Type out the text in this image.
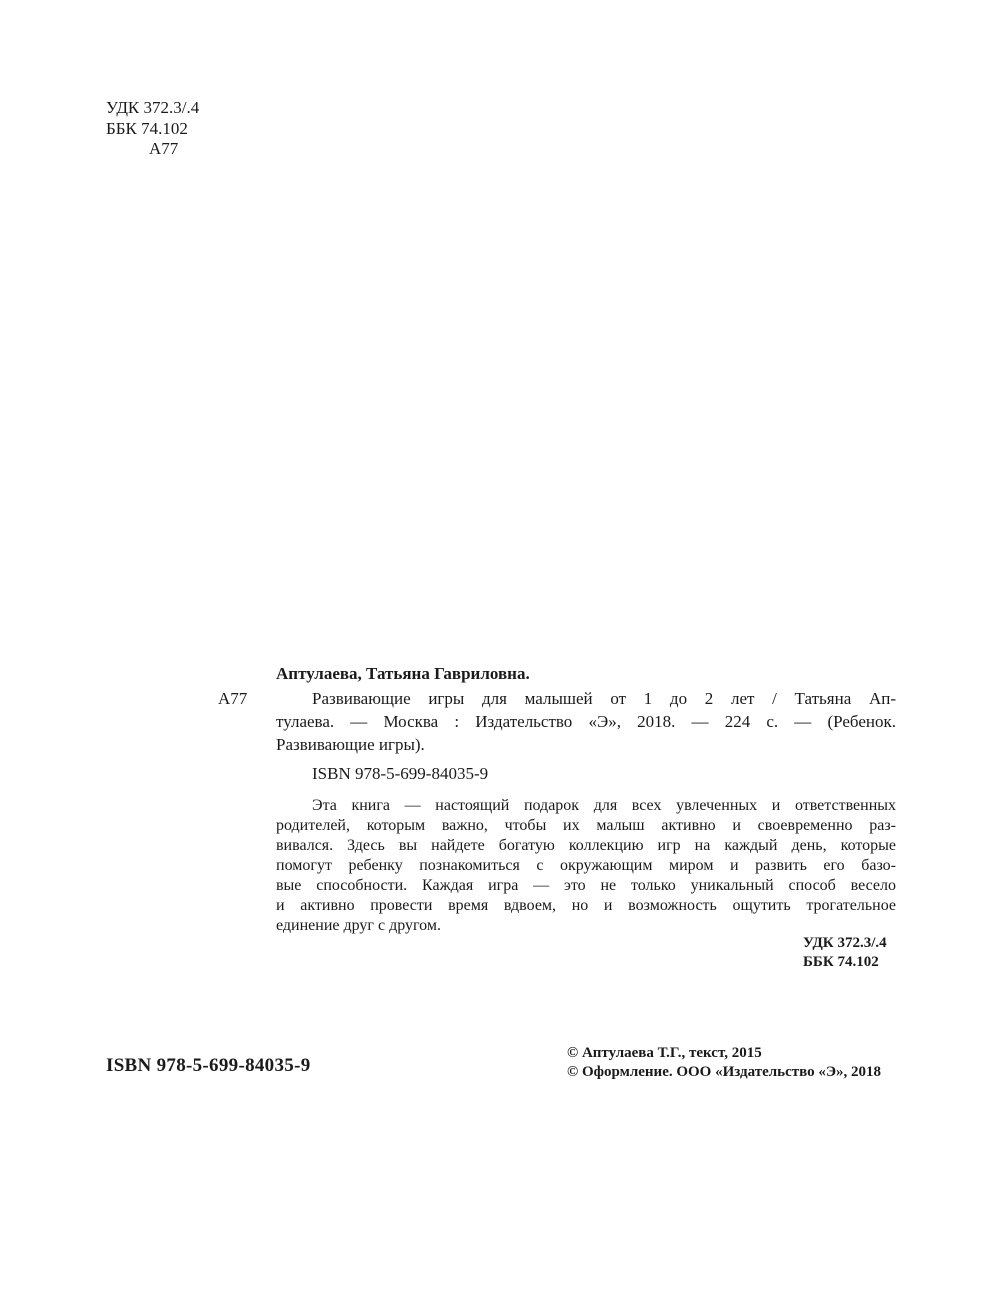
УДК 372.3/.4
ББК 74.102
А77
Аптулаева, Татьяна Гавриловна.
А77	Развивающие игры для малышей от 1 до 2 лет / Татьяна Ап-
тулаева. — Москва : Издательство «Э», 2018. — 224 с. — (Ребенок.
Развивающие игры).
ISBN 978-5-699-84035-9
Эта книга — настоящий подарок для всех увлеченных и ответственных
родителей, которым важно, чтобы их малыш активно и своевременно раз-
вивался. Здесь вы найдете богатую коллекцию игр на каждый день, которые
помогут ребенку познакомиться с окружающим миром и развить его базо-
вые способности. Каждая игра — это не только уникальный способ весело
и активно провести время вдвоем, но и возможность ощутить трогательное
единение друг с другом.
УДК 372.3/.4
ББК 74.102
ISBN 978-5-699-84035-9
© Аптулаева Т.Г., текст, 2015
© Оформление. ООО «Издательство «Э», 2018
